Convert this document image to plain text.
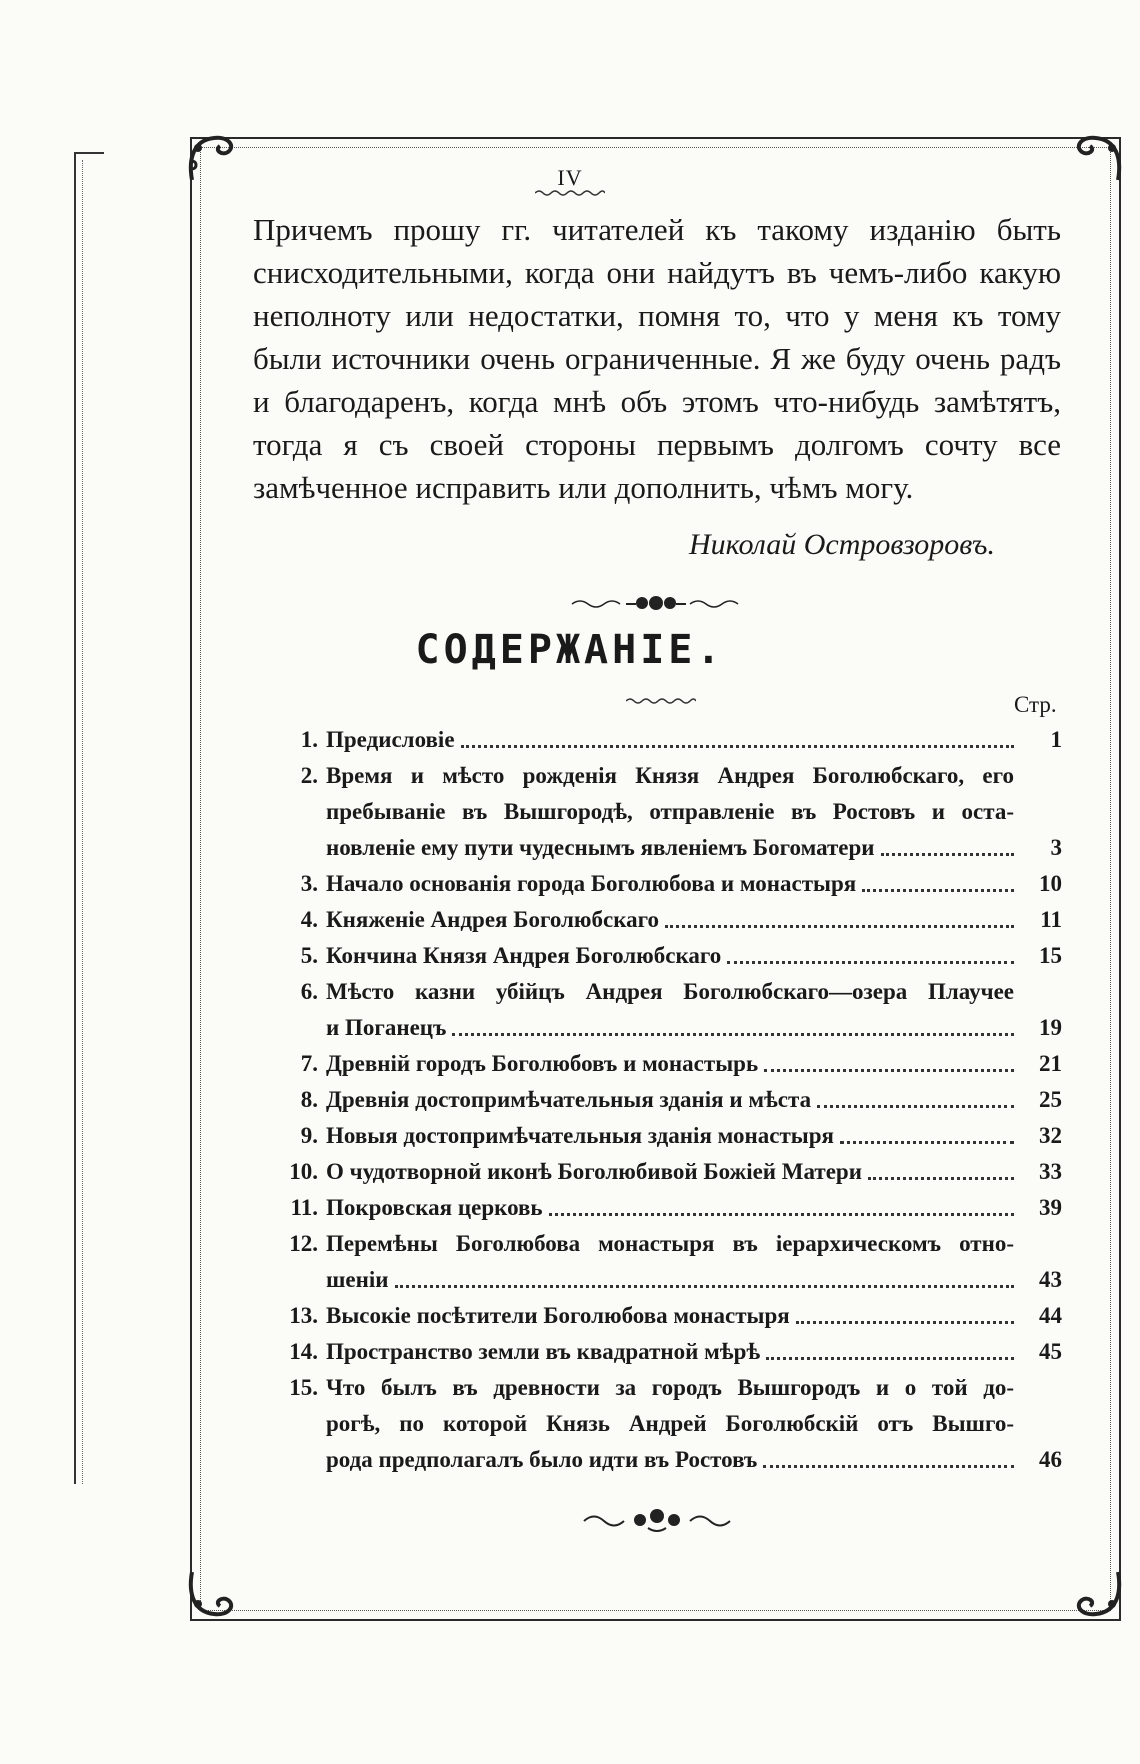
IV
Причемъ прошу гг. читателей къ такому изданію быть снисходительными, когда они найдутъ въ чемъ-либо какую неполноту или недостатки, помня то, что у меня къ тому были источники очень ограниченные. Я же буду очень радъ и благодаренъ, когда мнѣ объ этомъ что-нибудь замѣтятъ, тогда я съ своей стороны первымъ долгомъ сочту все замѣченное исправить или дополнить, чѣмъ могу.
Николай Островзоровъ.
СОДЕРЖАНІЕ.
Стр.
1. Предисловіе	1
2. Время и мѣсто рожденія Князя Андрея Боголюбскаго, его
пребываніе въ Вышгородѣ, отправленіе въ Ростовъ и оста-
новленіе ему пути чудеснымъ явленіемъ Богоматери	3
3. Начало основанія города Боголюбова и монастыря	10
4. Княженіе Андрея Боголюбскаго	11
5. Кончина Князя Андрея Боголюбскаго	15
6. Мѣсто казни убійцъ Андрея Боголюбскаго—озера Плаучее
и Поганецъ	19
7. Древній городъ Боголюбовъ и монастырь	21
8. Древнія достопримѣчательныя зданія и мѣста	25
9. Новыя достопримѣчательныя зданія монастыря	32
10. О чудотворной иконѣ Боголюбивой Божіей Матери	33
11. Покровская церковь	39
12. Перемѣны Боголюбова монастыря въ іерархическомъ отно-
шеніи	43
13. Высокіе посѣтители Боголюбова монастыря	44
14. Пространство земли въ квадратной мѣрѣ	45
15. Что былъ въ древности за городъ Вышгородъ и о той до-
рогѣ, по которой Князь Андрей Боголюбскій отъ Вышго-
рода предполагалъ было идти въ Ростовъ	46
